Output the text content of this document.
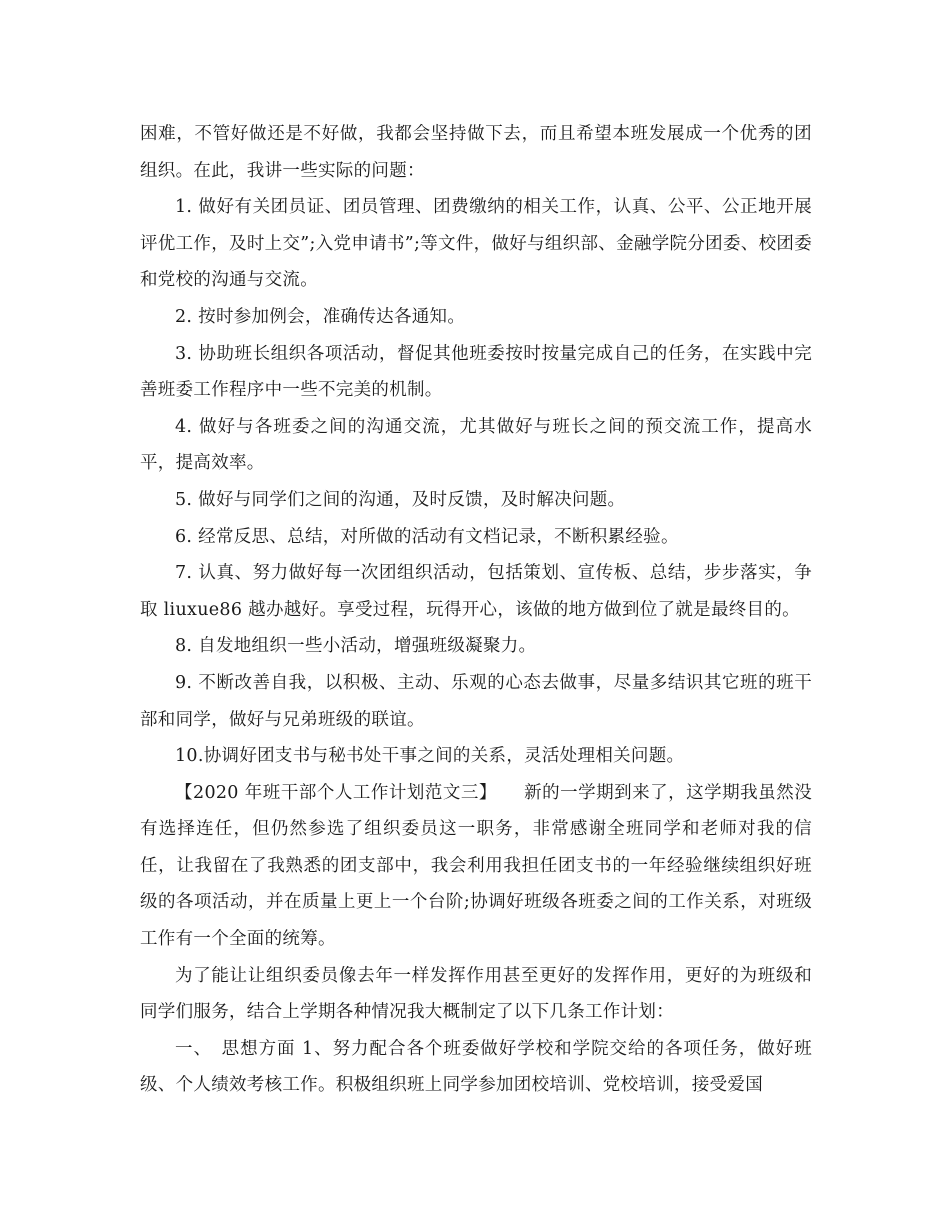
困难，不管好做还是不好做，我都会坚持做下去，而且希望本班发展成一个优秀的团组织。在此，我讲一些实际的问题：

1. 做好有关团员证、团员管理、团费缴纳的相关工作，认真、公平、公正地开展评优工作，及时上交”;入党申请书”;等文件，做好与组织部、金融学院分团委、校团委和党校的沟通与交流。

2. 按时参加例会，准确传达各通知。

3. 协助班长组织各项活动，督促其他班委按时按量完成自己的任务，在实践中完善班委工作程序中一些不完美的机制。

4. 做好与各班委之间的沟通交流，尤其做好与班长之间的预交流工作，提高水平，提高效率。

5. 做好与同学们之间的沟通，及时反馈，及时解决问题。

6. 经常反思、总结，对所做的活动有文档记录，不断积累经验。

7. 认真、努力做好每一次团组织活动，包括策划、宣传板、总结，步步落实，争取 liuxue86 越办越好。享受过程，玩得开心，该做的地方做到位了就是最终目的。

8. 自发地组织一些小活动，增强班级凝聚力。

9. 不断改善自我，以积极、主动、乐观的心态去做事，尽量多结识其它班的班干部和同学，做好与兄弟班级的联谊。

10.协调好团支书与秘书处干事之间的关系，灵活处理相关问题。

【2020 年班干部个人工作计划范文三】　　新的一学期到来了，这学期我虽然没有选择连任，但仍然参选了组织委员这一职务，非常感谢全班同学和老师对我的信任，让我留在了我熟悉的团支部中，我会利用我担任团支书的一年经验继续组织好班级的各项活动，并在质量上更上一个台阶;协调好班级各班委之间的工作关系，对班级工作有一个全面的统筹。

为了能让让组织委员像去年一样发挥作用甚至更好的发挥作用，更好的为班级和同学们服务，结合上学期各种情况我大概制定了以下几条工作计划：

一、　思想方面 1、努力配合各个班委做好学校和学院交给的各项任务，做好班级、个人绩效考核工作。积极组织班上同学参加团校培训、党校培训，接受爱国
